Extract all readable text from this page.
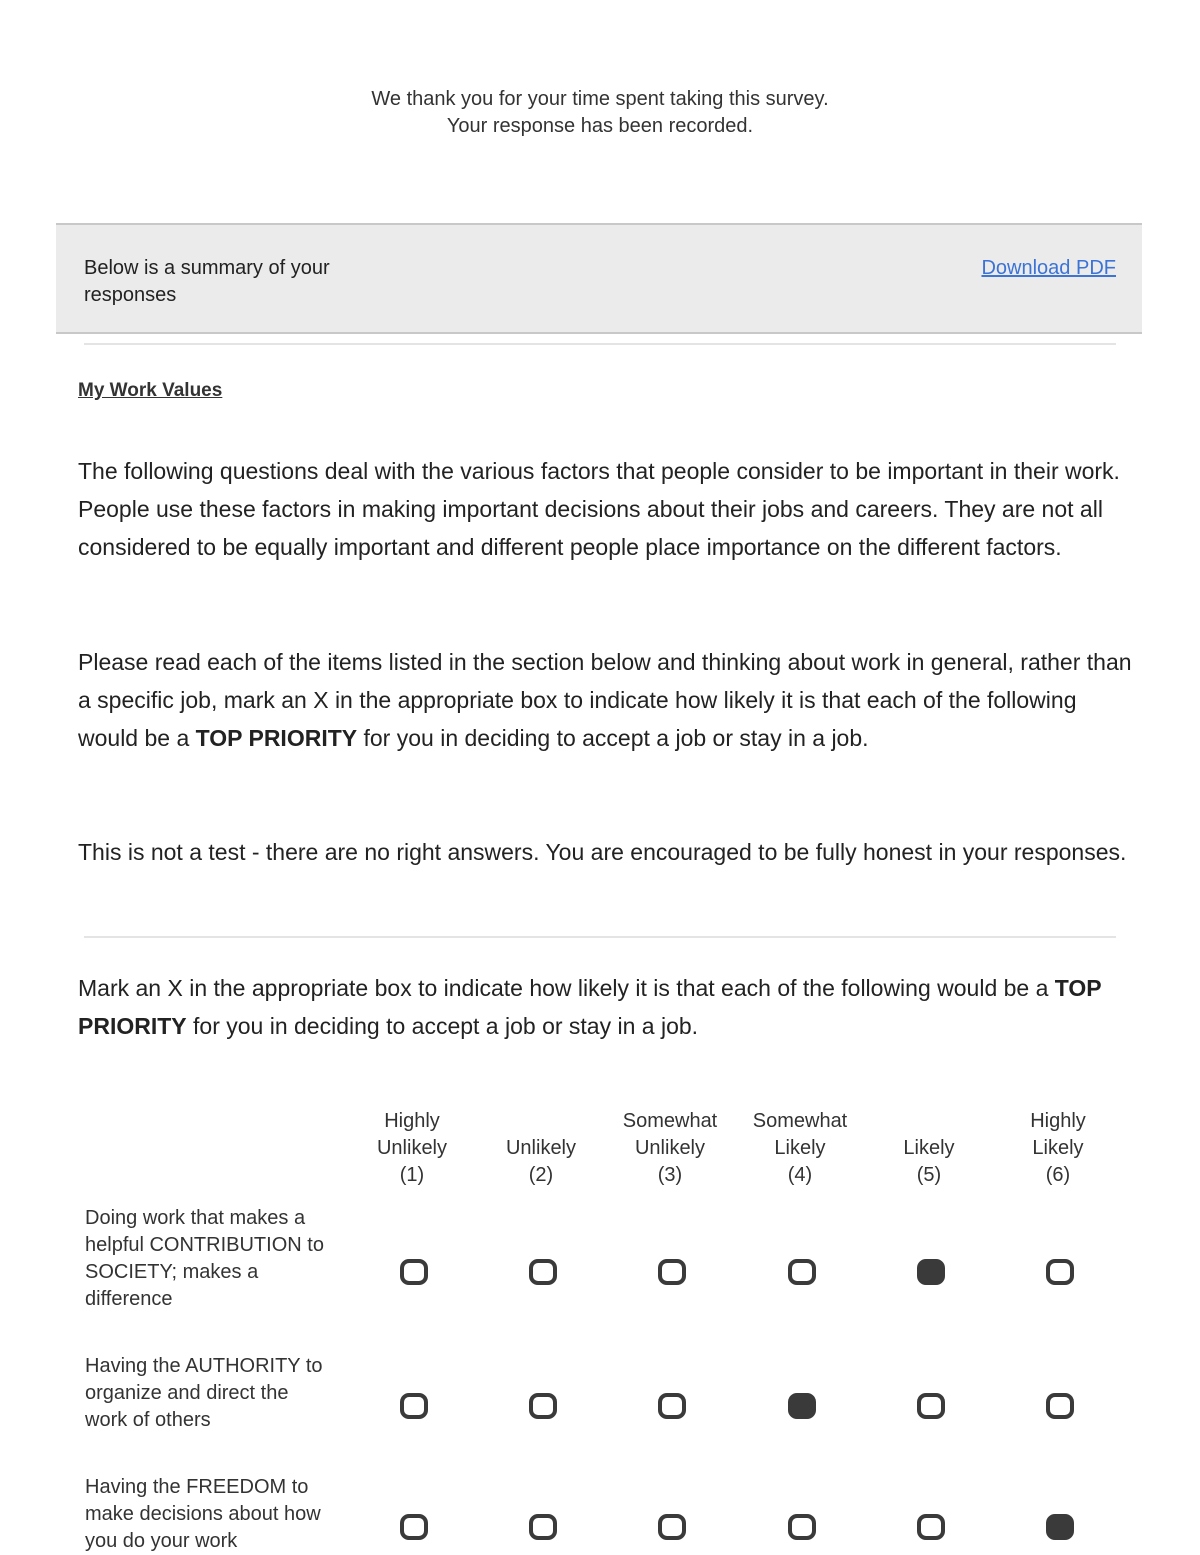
We thank you for your time spent taking this survey.
Your response has been recorded.
Below is a summary of your responses
Download PDF
My Work Values
The following questions deal with the various factors that people consider to be important in their work. People use these factors in making important decisions about their jobs and careers. They are not all considered to be equally important and different people place importance on the different factors.
Please read each of the items listed in the section below and thinking about work in general, rather than a specific job, mark an X in the appropriate box to indicate how likely it is that each of the following would be a TOP PRIORITY for you in deciding to accept a job or stay in a job.
This is not a test - there are no right answers. You are encouraged to be fully honest in your responses.
Mark an X in the appropriate box to indicate how likely it is that each of the following would be a TOP PRIORITY for you in deciding to accept a job or stay in a job.
Highly
Unlikely
(1)

Unlikely
(2)
Somewhat
Unlikely
(3)
Somewhat
Likely
(4)

Likely
(5)
Highly
Likely
(6)
Doing work that makes a helpful CONTRIBUTION to SOCIETY; makes a difference
Having the AUTHORITY to organize and direct the work of others
Having the FREEDOM to make decisions about how you do your work
